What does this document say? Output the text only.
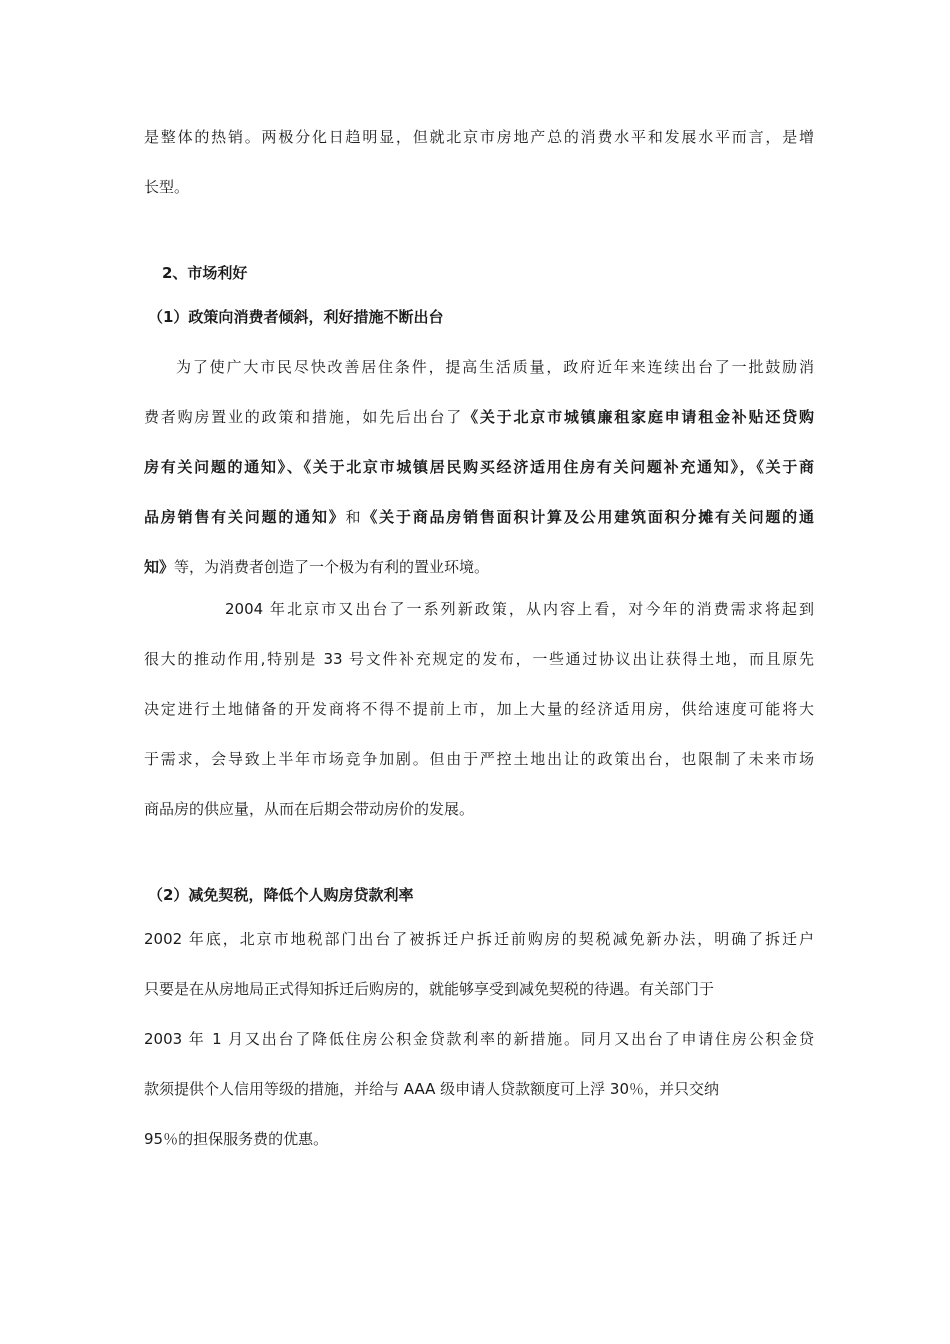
是整体的热销。两极分化日趋明显，但就北京市房地产总的消费水平和发展水平而言，是增
长型。
2、市场利好
（1）政策向消费者倾斜，利好措施不断出台
为了使广大市民尽快改善居住条件，提高生活质量，政府近年来连续出台了一批鼓励消
费者购房置业的政策和措施，如先后出台了《关于北京市城镇廉租家庭申请租金补贴还贷购
房有关问题的通知》、《关于北京市城镇居民购买经济适用住房有关问题补充通知》，《关于商
品房销售有关问题的通知》和《关于商品房销售面积计算及公用建筑面积分摊有关问题的通
知》等，为消费者创造了一个极为有利的置业环境。
2004 年北京市又出台了一系列新政策，从内容上看，对今年的消费需求将起到
很大的推动作用,特别是 33 号文件补充规定的发布，一些通过协议出让获得土地，而且原先
决定进行土地储备的开发商将不得不提前上市，加上大量的经济适用房，供给速度可能将大
于需求，会导致上半年市场竞争加剧。但由于严控土地出让的政策出台，也限制了未来市场
商品房的供应量，从而在后期会带动房价的发展。
（2）减免契税，降低个人购房贷款利率
2002 年底，北京市地税部门出台了被拆迁户拆迁前购房的契税减免新办法，明确了拆迁户
只要是在从房地局正式得知拆迁后购房的，就能够享受到减免契税的待遇。有关部门于
2003 年 1 月又出台了降低住房公积金贷款利率的新措施。同月又出台了申请住房公积金贷
款须提供个人信用等级的措施，并给与 AAA 级申请人贷款额度可上浮 30％，并只交纳
95％的担保服务费的优惠。
